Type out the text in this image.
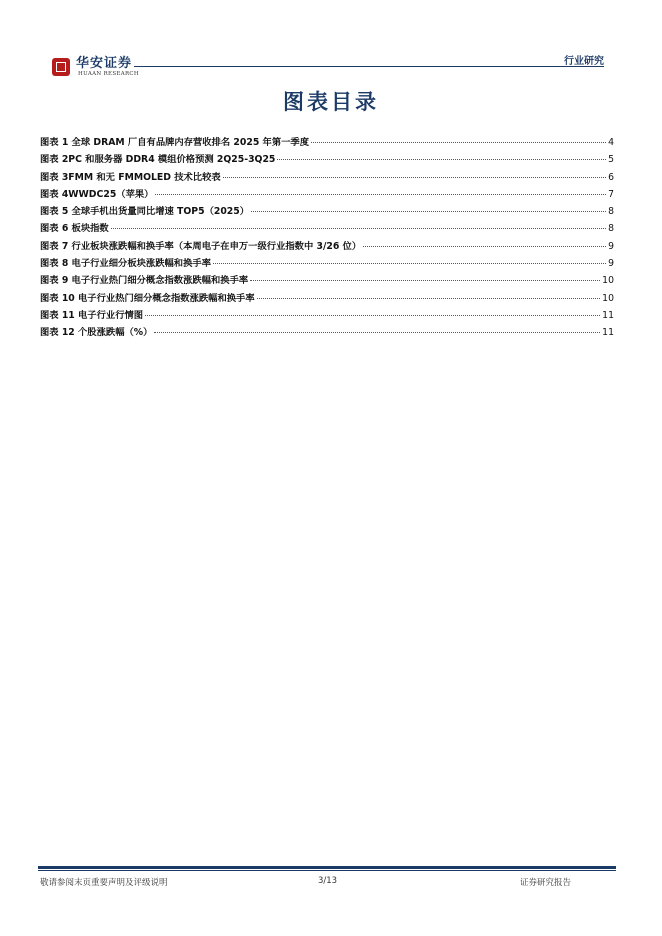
华安证券
HUAAN RESEARCH
行业研究
图表目录
图表 1 全球 DRAM 厂自有品牌内存营收排名 2025 年第一季度	4
图表 2PC 和服务器 DDR4 模组价格预测 2Q25-3Q25	5
图表 3FMM 和无 FMMOLED 技术比较表	6
图表 4WWDC25（苹果）	7
图表 5 全球手机出货量同比增速 TOP5（2025）	8
图表 6 板块指数	8
图表 7 行业板块涨跌幅和换手率（本周电子在申万一级行业指数中 3/26 位）	9
图表 8 电子行业细分板块涨跌幅和换手率	9
图表 9 电子行业热门细分概念指数涨跌幅和换手率	10
图表 10 电子行业热门细分概念指数涨跌幅和换手率	10
图表 11 电子行业行情图	11
图表 12 个股涨跌幅（%）	11
敬请参阅末页重要声明及评级说明	3/13	证券研究报告
